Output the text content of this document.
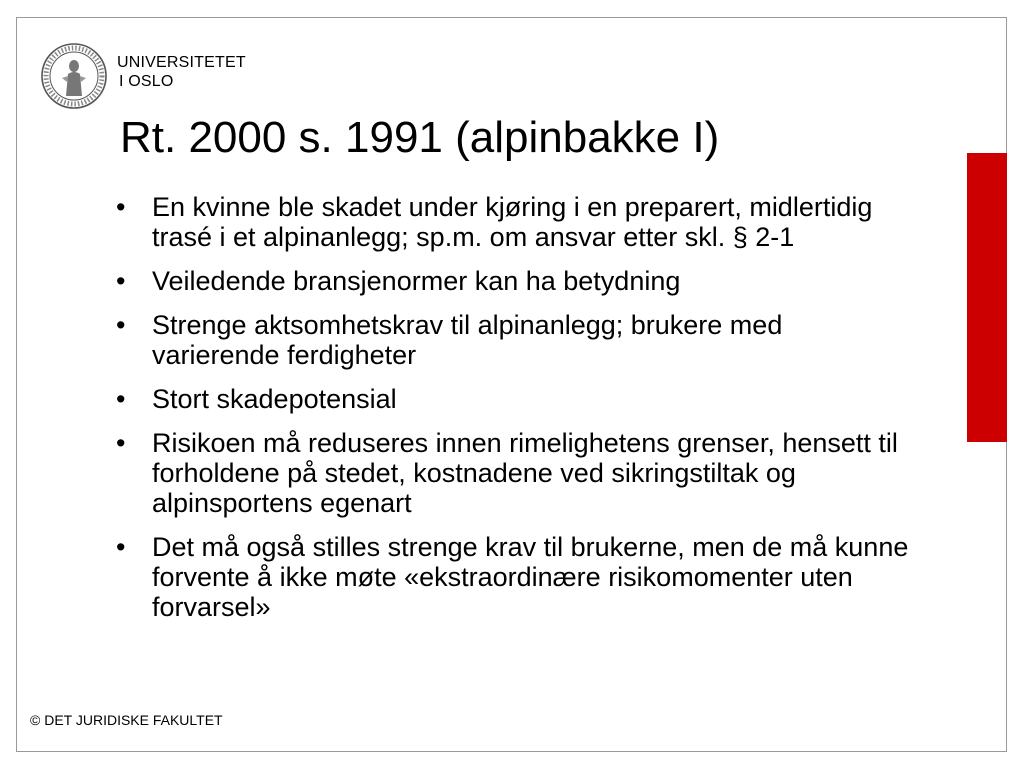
UNIVERSITETET
I OSLO
Rt. 2000 s. 1991 (alpinbakke I)
• En kvinne ble skadet under kjøring i en preparert, midlertidig trasé i et alpinanlegg; sp.m. om ansvar etter skl. § 2-1
• Veiledende bransjenormer kan ha betydning
• Strenge aktsomhetskrav til alpinanlegg; brukere med varierende ferdigheter
• Stort skadepotensial
• Risikoen må reduseres innen rimelighetens grenser, hensett til forholdene på stedet, kostnadene ved sikringstiltak og alpinsportens egenart
• Det må også stilles strenge krav til brukerne, men de må kunne forvente å ikke møte «ekstraordinære risikomomenter uten forvarsel»
© DET JURIDISKE FAKULTET
